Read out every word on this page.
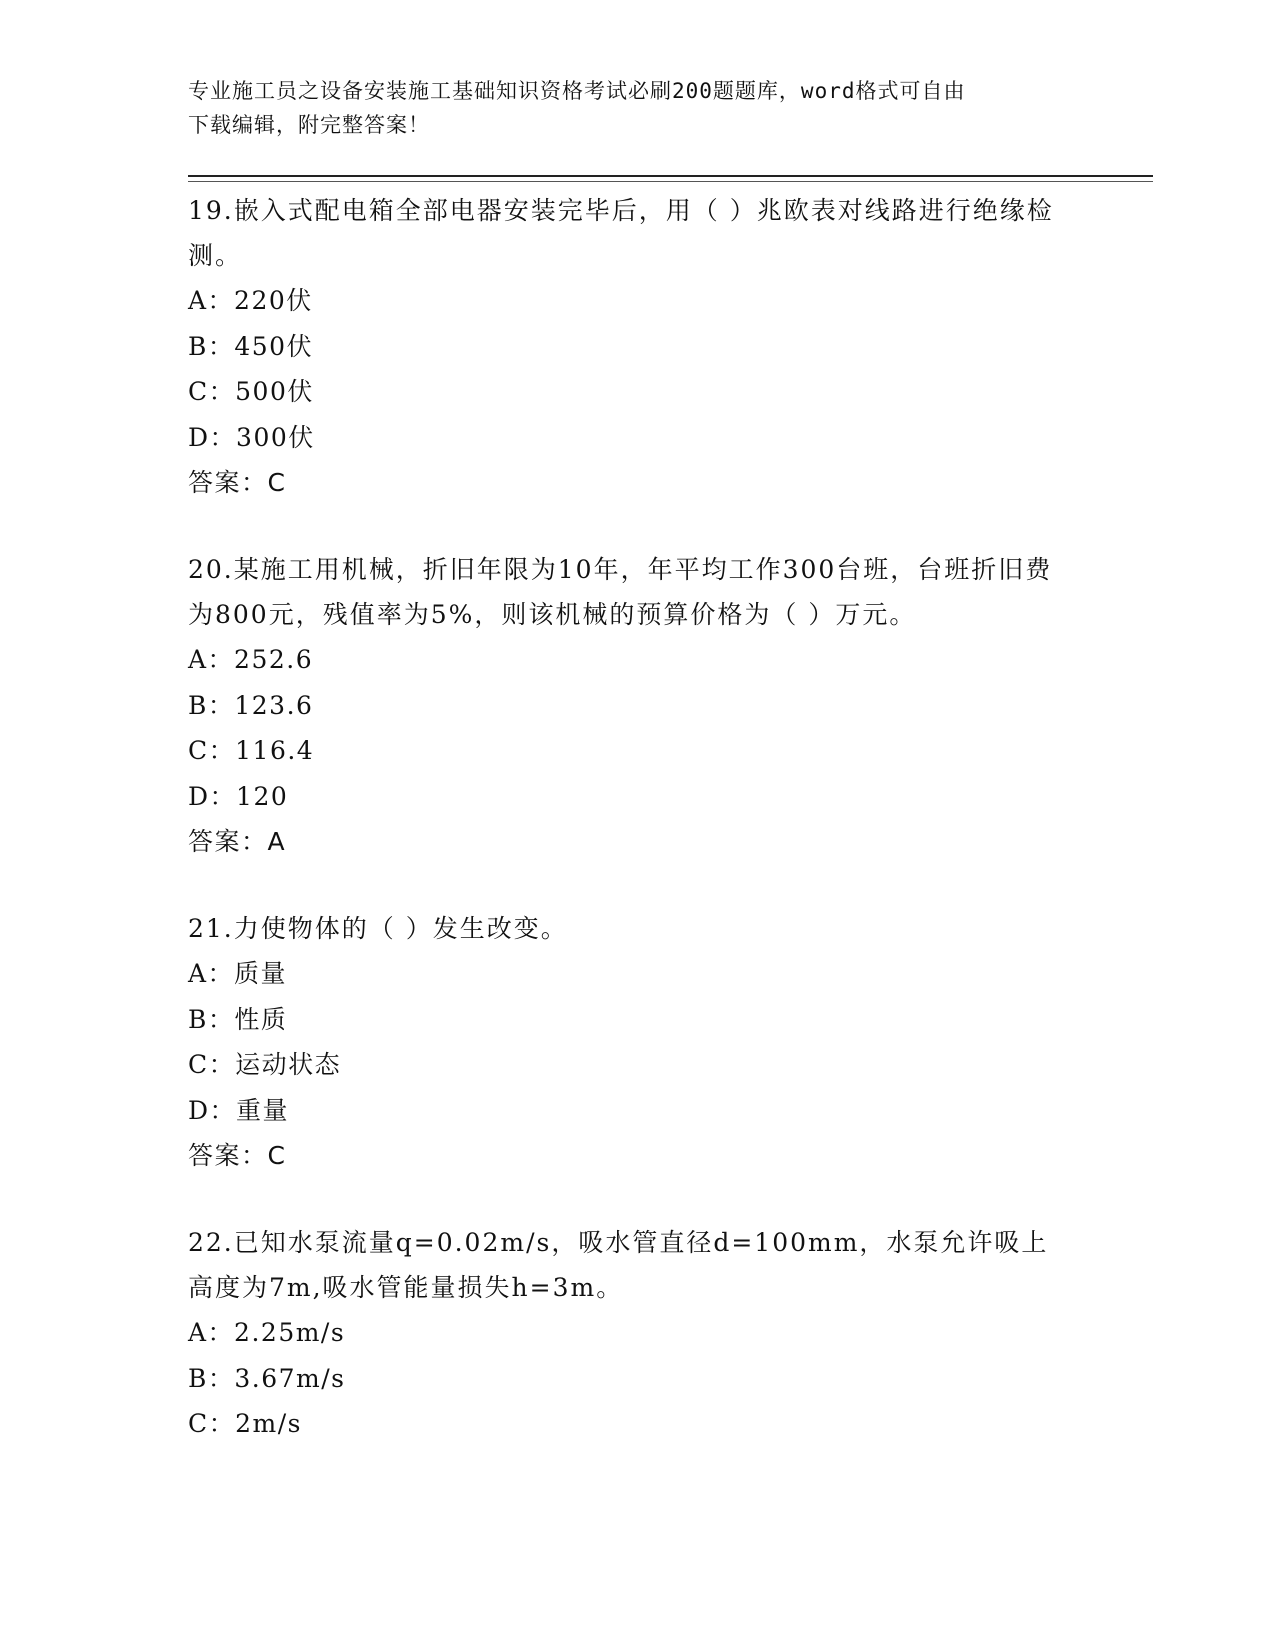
专业施工员之设备安装施工基础知识资格考试必刷200题题库，word格式可自由
下载编辑，附完整答案！
19.嵌入式配电箱全部电器安装完毕后，用（ ）兆欧表对线路进行绝缘检测。
A：220伏
B：450伏
C：500伏
D：300伏
答案：C
20.某施工用机械，折旧年限为10年，年平均工作300台班，台班折旧费为800元，残值率为5%，则该机械的预算价格为（ ）万元。
A：252.6
B：123.6
C：116.4
D：120
答案：A
21.力使物体的（ ）发生改变。
A：质量
B：性质
C：运动状态
D：重量
答案：C
22.已知水泵流量q=0.02m/s，吸水管直径d=100mm，水泵允许吸上高度为7m,吸水管能量损失h=3m。
A：2.25m/s
B：3.67m/s
C：2m/s
